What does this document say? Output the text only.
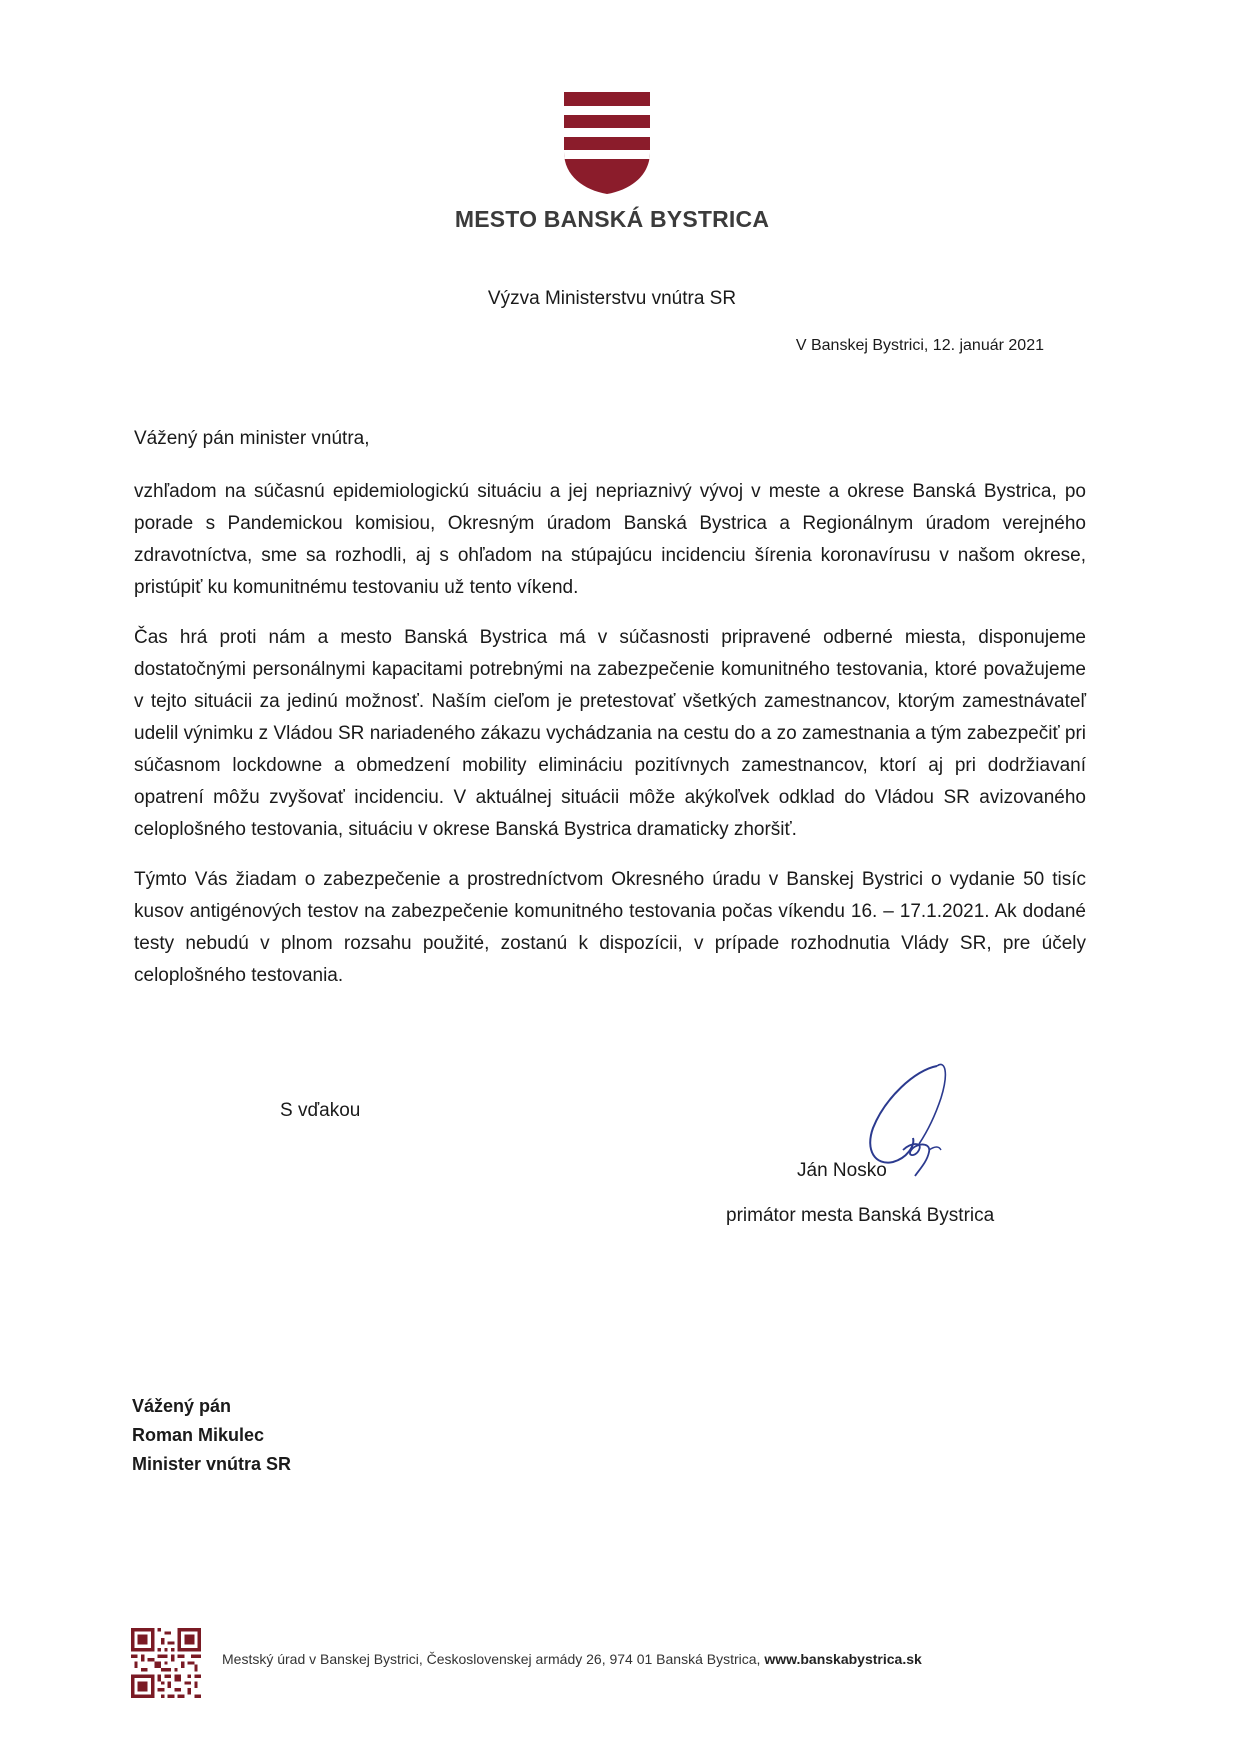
MESTO BANSKÁ BYSTRICA
Výzva Ministerstvu vnútra SR
V Banskej Bystrici, 12. január 2021
Vážený pán minister vnútra,

vzhľadom na súčasnú epidemiologickú situáciu a jej nepriaznivý vývoj v meste a okrese Banská Bystrica, po porade s Pandemickou komisiou, Okresným úradom Banská Bystrica a Regionálnym úradom verejného zdravotníctva, sme sa rozhodli, aj s ohľadom na stúpajúcu incidenciu šírenia koronavírusu v našom okrese, pristúpiť ku komunitnému testovaniu už tento víkend.

Čas hrá proti nám a mesto Banská Bystrica má v súčasnosti pripravené odberné miesta, disponujeme dostatočnými personálnymi kapacitami potrebnými na zabezpečenie komunitného testovania, ktoré považujeme v tejto situácii za jedinú možnosť. Naším cieľom je pretestovať všetkých zamestnancov, ktorým zamestnávateľ udelil výnimku z Vládou SR nariadeného zákazu vychádzania na cestu do a zo zamestnania a tým zabezpečiť pri súčasnom lockdowne a obmedzení mobility elimináciu pozitívnych zamestnancov, ktorí aj pri dodržiavaní opatrení môžu zvyšovať incidenciu. V aktuálnej situácii môže akýkoľvek odklad do Vládou SR avizovaného celoplošného testovania, situáciu v okrese Banská Bystrica dramaticky zhoršiť.

Týmto Vás žiadam o zabezpečenie a prostredníctvom Okresného úradu v Banskej Bystrici o vydanie 50 tisíc kusov antigénových testov na zabezpečenie komunitného testovania počas víkendu 16. – 17.1.2021. Ak dodané testy nebudú v plnom rozsahu použité, zostanú k dispozícii, v prípade rozhodnutia Vlády SR, pre účely celoplošného testovania.

S vďakou
Ján Nosko
primátor mesta Banská Bystrica
Vážený pán
Roman Mikulec
Minister vnútra SR
Mestský úrad v Banskej Bystrici, Československej armády 26, 974 01 Banská Bystrica, www.banskabystrica.sk
